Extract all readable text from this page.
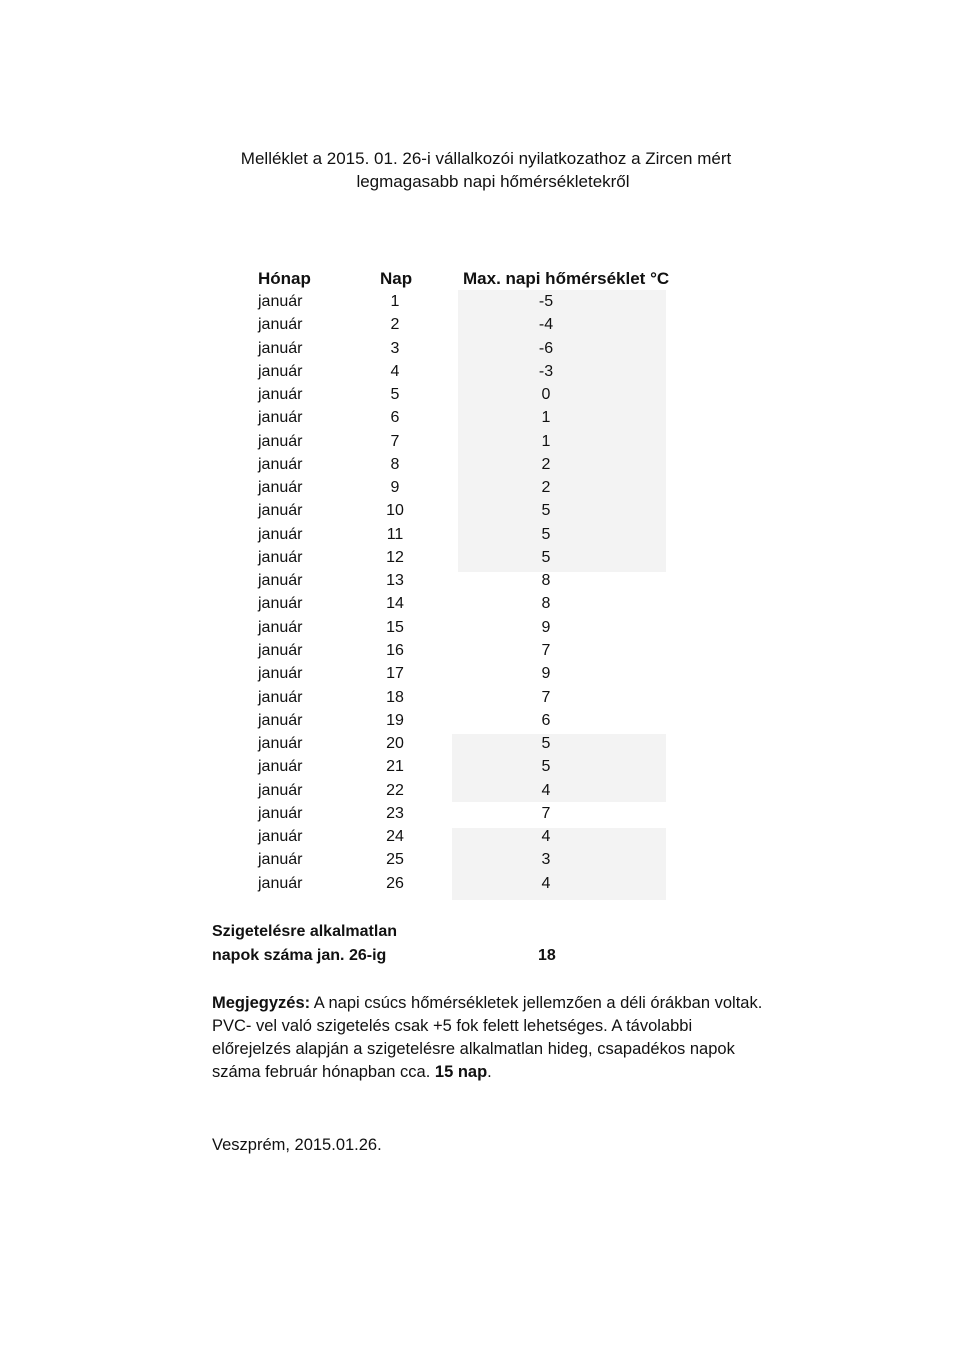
Melléklet a 2015. 01. 26-i vállalkozói nyilatkozathoz a Zircen mért
legmagasabb napi hőmérsékletekről
Hónap	Nap	Max. napi hőmérséklet °C
január	1	-5
január	2	-4
január	3	-6
január	4	-3
január	5	0
január	6	1
január	7	1
január	8	2
január	9	2
január	10	5
január	11	5
január	12	5
január	13	8
január	14	8
január	15	9
január	16	7
január	17	9
január	18	7
január	19	6
január	20	5
január	21	5
január	22	4
január	23	7
január	24	4
január	25	3
január	26	4
Szigetelésre alkalmatlan
napok száma jan. 26-ig	18
Megjegyzés: A napi csúcs hőmérsékletek jellemzően a déli órákban voltak. PVC- vel való szigetelés csak +5 fok felett lehetséges. A távolabbi előrejelzés alapján a szigetelésre alkalmatlan hideg, csapadékos napok száma február hónapban cca. 15 nap.
Veszprém, 2015.01.26.
